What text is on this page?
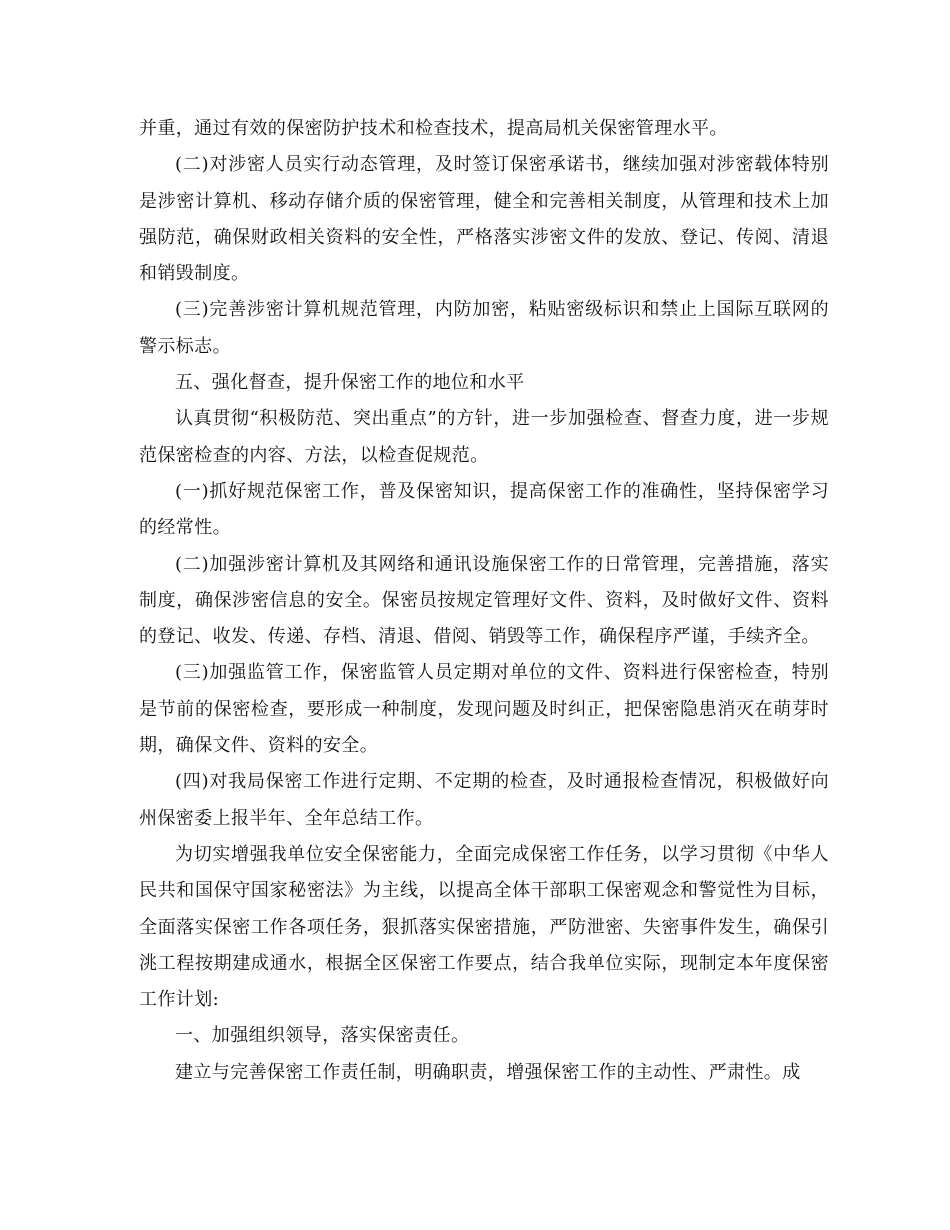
并重，通过有效的保密防护技术和检查技术，提高局机关保密管理水平。

(二)对涉密人员实行动态管理，及时签订保密承诺书，继续加强对涉密载体特别是涉密计算机、移动存储介质的保密管理，健全和完善相关制度，从管理和技术上加强防范，确保财政相关资料的安全性，严格落实涉密文件的发放、登记、传阅、清退和销毁制度。

(三)完善涉密计算机规范管理，内防加密，粘贴密级标识和禁止上国际互联网的警示标志。

五、强化督查，提升保密工作的地位和水平

认真贯彻“积极防范、突出重点”的方针，进一步加强检查、督查力度，进一步规范保密检查的内容、方法，以检查促规范。

(一)抓好规范保密工作，普及保密知识，提高保密工作的准确性，坚持保密学习的经常性。

(二)加强涉密计算机及其网络和通讯设施保密工作的日常管理，完善措施，落实制度，确保涉密信息的安全。保密员按规定管理好文件、资料，及时做好文件、资料的登记、收发、传递、存档、清退、借阅、销毁等工作，确保程序严谨，手续齐全。

(三)加强监管工作，保密监管人员定期对单位的文件、资料进行保密检查，特别是节前的保密检查，要形成一种制度，发现问题及时纠正，把保密隐患消灭在萌芽时期，确保文件、资料的安全。

(四)对我局保密工作进行定期、不定期的检查，及时通报检查情况，积极做好向州保密委上报半年、全年总结工作。

为切实增强我单位安全保密能力，全面完成保密工作任务，以学习贯彻《中华人民共和国保守国家秘密法》为主线，以提高全体干部职工保密观念和警觉性为目标，全面落实保密工作各项任务，狠抓落实保密措施，严防泄密、失密事件发生，确保引洮工程按期建成通水，根据全区保密工作要点，结合我单位实际，现制定本年度保密工作计划:

一、加强组织领导，落实保密责任。

建立与完善保密工作责任制，明确职责，增强保密工作的主动性、严肃性。成
